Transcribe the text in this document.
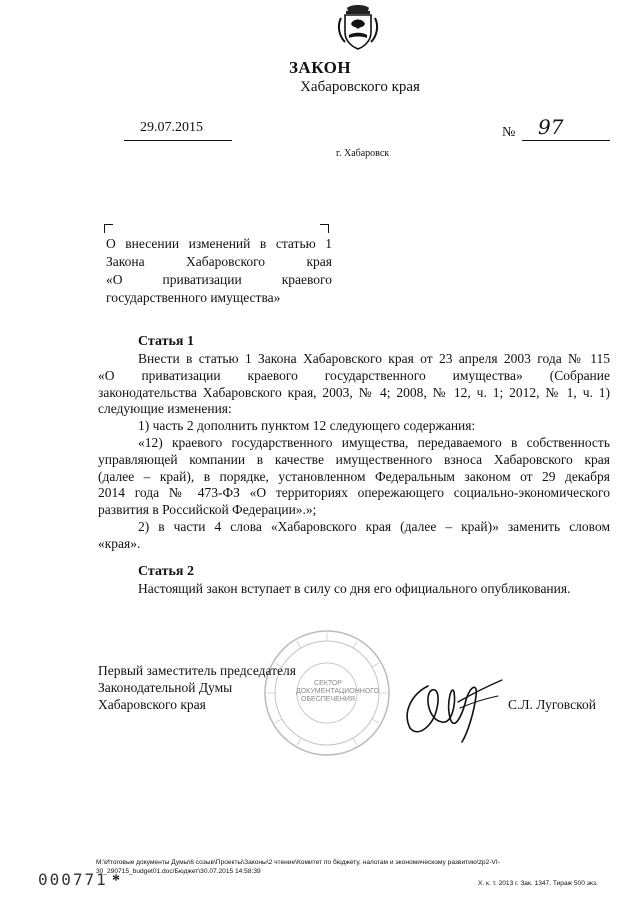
ЗАКОН
Хабаровского края
29.07.2015	№ 97
г. Хабаровск
О внесении изменений в статью 1
Закона Хабаровского края
«О приватизации краевого
государственного имущества»
Статья 1
Внести в статью 1 Закона Хабаровского края от 23 апреля 2003 года № 115
«О приватизации краевого государственного имущества» (Собрание
законодательства Хабаровского края, 2003, № 4; 2008, № 12, ч. 1; 2012, № 1, ч. 1)
следующие изменения:
1) часть 2 дополнить пунктом 12 следующего содержания:
«12) краевого государственного имущества, передаваемого в собственность
управляющей компании в качестве имущественного взноса Хабаровского края
(далее – край), в порядке, установленном Федеральным законом от 29 декабря
2014 года № 473-ФЗ «О территориях опережающего социально-экономического
развития в Российской Федерации».»;
2) в части 4 слова «Хабаровского края (далее – край)» заменить словом
«края».
Статья 2
Настоящий закон вступает в силу со дня его официального опубликования.
СЕКТОР ДОКУМЕНТАЦИОННОГО ОБЕСПЕЧЕНИЯ
Первый заместитель председателя
Законодательной Думы
Хабаровского края	С.Л. Луговской
M:\Итоговые документы Думы\6 созыв\Проекты\Законы\2 чтение\Комитет по бюджету, налогам и экономическому развитию\zp2-VI-
30_290715_budget01.doc/Бюджет\30.07.2015 14:58:39
Х. к. т. 2013 г. Зак. 1347. Тираж 500 экз.
000771 *
